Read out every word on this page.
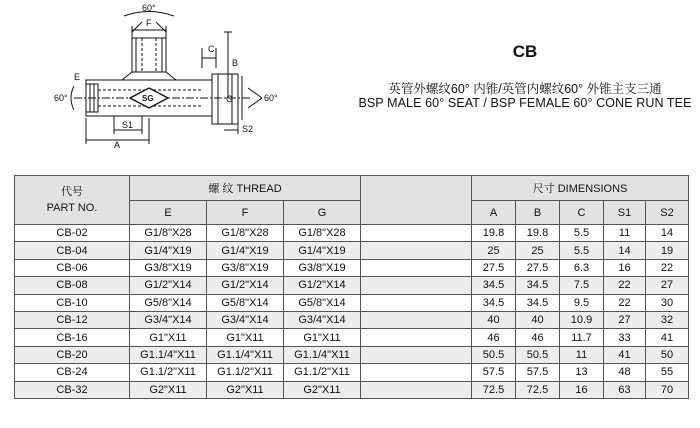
60°
F
C
B
E
G
60°	60°
S1	S2
A
SG
CB
英管外螺纹60° 内锥/英管内螺纹60° 外锥主支三通
BSP MALE 60° SEAT / BSP FEMALE 60° CONE RUN TEE
代号
PART NO.	螺 纹 THREAD				尺寸 DIMENSIONS				
	E	F	G		A	B	C	S1	S2
CB-02	G1/8"X28	G1/8"X28	G1/8"X28		19.8	19.8	5.5	11	14
CB-04	G1/4"X19	G1/4"X19	G1/4"X19		25	25	5.5	14	19
CB-06	G3/8"X19	G3/8"X19	G3/8"X19		27.5	27.5	6.3	16	22
CB-08	G1/2"X14	G1/2"X14	G1/2"X14		34.5	34.5	7.5	22	27
CB-10	G5/8"X14	G5/8"X14	G5/8"X14		34.5	34.5	9.5	22	30
CB-12	G3/4"X14	G3/4"X14	G3/4"X14		40	40	10.9	27	32
CB-16	G1"X11	G1"X11	G1"X11		46	46	11.7	33	41
CB-20	G1.1/4"X11	G1.1/4"X11	G1.1/4"X11		50.5	50.5	11	41	50
CB-24	G1.1/2"X11	G1.1/2"X11	G1.1/2"X11		57.5	57.5	13	48	55
CB-32	G2"X11	G2"X11	G2"X11		72.5	72.5	16	63	70
